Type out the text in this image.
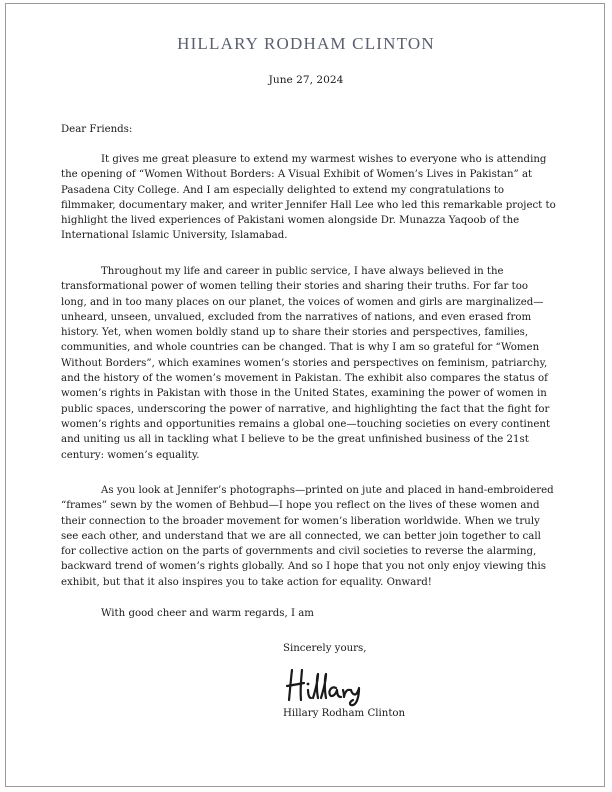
HILLARY RODHAM CLINTON
June 27, 2024
Dear Friends:
It gives me great pleasure to extend my warmest wishes to everyone who is attending the opening of “Women Without Borders: A Visual Exhibit of Women’s Lives in Pakistan” at Pasadena City College. And I am especially delighted to extend my congratulations to filmmaker, documentary maker, and writer Jennifer Hall Lee who led this remarkable project to highlight the lived experiences of Pakistani women alongside Dr. Munazza Yaqoob of the International Islamic University, Islamabad.
Throughout my life and career in public service, I have always believed in the transformational power of women telling their stories and sharing their truths. For far too long, and in too many places on our planet, the voices of women and girls are marginalized—unheard, unseen, unvalued, excluded from the narratives of nations, and even erased from history. Yet, when women boldly stand up to share their stories and perspectives, families, communities, and whole countries can be changed. That is why I am so grateful for “Women Without Borders”, which examines women’s stories and perspectives on feminism, patriarchy, and the history of the women’s movement in Pakistan. The exhibit also compares the status of women’s rights in Pakistan with those in the United States, examining the power of women in public spaces, underscoring the power of narrative, and highlighting the fact that the fight for women’s rights and opportunities remains a global one—touching societies on every continent and uniting us all in tackling what I believe to be the great unfinished business of the 21st century: women’s equality.
As you look at Jennifer’s photographs—printed on jute and placed in hand-embroidered “frames” sewn by the women of Behbud—I hope you reflect on the lives of these women and their connection to the broader movement for women’s liberation worldwide. When we truly see each other, and understand that we are all connected, we can better join together to call for collective action on the parts of governments and civil societies to reverse the alarming, backward trend of women’s rights globally. And so I hope that you not only enjoy viewing this exhibit, but that it also inspires you to take action for equality. Onward!
With good cheer and warm regards, I am
Sincerely yours,
Hillary Rodham Clinton
